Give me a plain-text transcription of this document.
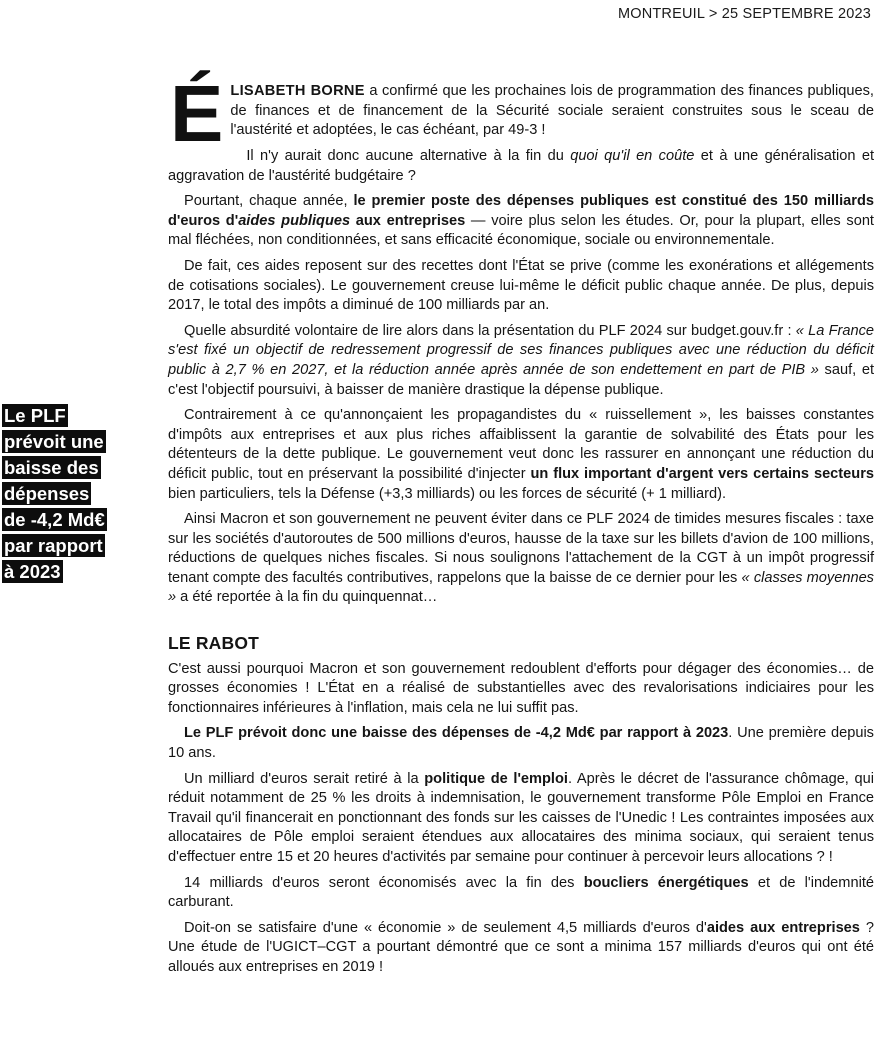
MONTREUIL > 25 SEPTEMBRE 2023
Le PLF
prévoit une
baisse des
dépenses
de -4,2 Md€
par rapport
à 2023

ÉLISABETH BORNE a confirmé que les prochaines lois de programmation des finances publiques, de finances et de financement de la Sécurité sociale seraient construites sous le sceau de l'austérité et adoptées, le cas échéant, par 49-3 !

Il n'y aurait donc aucune alternative à la fin du quoi qu'il en coûte et à une généralisation et aggravation de l'austérité budgétaire ?

Pourtant, chaque année, le premier poste des dépenses publiques est constitué des 150 milliards d'euros d'aides publiques aux entreprises — voire plus selon les études. Or, pour la plupart, elles sont mal fléchées, non conditionnées, et sans efficacité économique, sociale ou environnementale.

De fait, ces aides reposent sur des recettes dont l'État se prive (comme les exonérations et allégements de cotisations sociales). Le gouvernement creuse lui-même le déficit public chaque année. De plus, depuis 2017, le total des impôts a diminué de 100 milliards par an.

Quelle absurdité volontaire de lire alors dans la présentation du PLF 2024 sur budget.gouv.fr : « La France s'est fixé un objectif de redressement progressif de ses finances publiques avec une réduction du déficit public à 2,7 % en 2027, et la réduction année après année de son endettement en part de PIB » sauf, et c'est l'objectif poursuivi, à baisser de manière drastique la dépense publique.

Contrairement à ce qu'annonçaient les propagandistes du « ruissellement », les baisses constantes d'impôts aux entreprises et aux plus riches affaiblissent la garantie de solvabilité des États pour les détenteurs de la dette publique. Le gouvernement veut donc les rassurer en annonçant une réduction du déficit public, tout en préservant la possibilité d'injecter un flux important d'argent vers certains secteurs bien particuliers, tels la Défense (+3,3 milliards) ou les forces de sécurité (+ 1 milliard).

Ainsi Macron et son gouvernement ne peuvent éviter dans ce PLF 2024 de timides mesures fiscales : taxe sur les sociétés d'autoroutes de 500 millions d'euros, hausse de la taxe sur les billets d'avion de 100 millions, réductions de quelques niches fiscales. Si nous soulignons l'attachement de la CGT à un impôt progressif tenant compte des facultés contributives, rappelons que la baisse de ce dernier pour les « classes moyennes » a été reportée à la fin du quinquennat…

LE RABOT

C'est aussi pourquoi Macron et son gouvernement redoublent d'efforts pour dégager des économies… de grosses économies ! L'État en a réalisé de substantielles avec des revalorisations indiciaires pour les fonctionnaires inférieures à l'inflation, mais cela ne lui suffit pas.

Le PLF prévoit donc une baisse des dépenses de -4,2 Md€ par rapport à 2023. Une première depuis 10 ans.

Un milliard d'euros serait retiré à la politique de l'emploi. Après le décret de l'assurance chômage, qui réduit notamment de 25 % les droits à indemnisation, le gouvernement transforme Pôle Emploi en France Travail qu'il financerait en ponctionnant des fonds sur les caisses de l'Unedic ! Les contraintes imposées aux allocataires de Pôle emploi seraient étendues aux allocataires des minima sociaux, qui seraient tenus d'effectuer entre 15 et 20 heures d'activités par semaine pour continuer à percevoir leurs allocations ? !

14 milliards d'euros seront économisés avec la fin des boucliers énergétiques et de l'indemnité carburant.

Doit-on se satisfaire d'une « économie » de seulement 4,5 milliards d'euros d'aides aux entreprises ? Une étude de l'UGICT–CGT a pourtant démontré que ce sont a minima 157 milliards d'euros qui ont été alloués aux entreprises en 2019 !
